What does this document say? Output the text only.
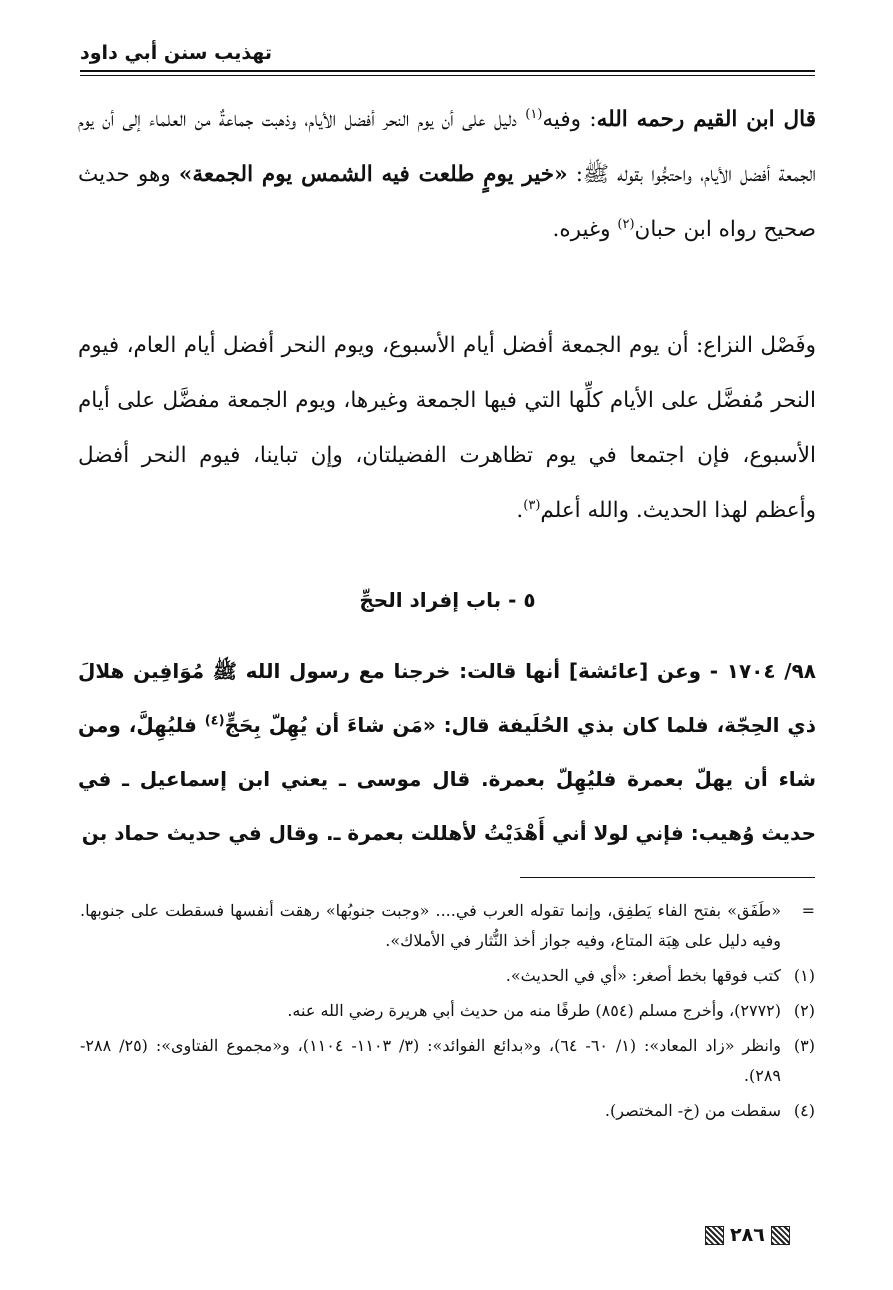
تهذيب سنن أبي داود
قال ابن القيم رحمه الله: وفيه$^{(١)}$ دليل على أن يوم النحر أفضل الأيام، وذهبت جماعةٌ من العلماء إلى أن يوم الجمعة أفضل الأيام، واحتجُّوا بقوله ﷺ: «خير يومٍ طلعت فيه الشمس يوم الجمعة» وهو حديث صحيح رواه ابن حبان$^{(٢)}$ وغيره.
وفَصْل النزاع: أن يوم الجمعة أفضل أيام الأسبوع، ويوم النحر أفضل أيام العام، فيوم النحر مُفضَّل على الأيام كلِّها التي فيها الجمعة وغيرها، ويوم الجمعة مفضَّل على أيام الأسبوع، فإن اجتمعا في يوم تظاهرت الفضيلتان، وإن تباينا، فيوم النحر أفضل وأعظم لهذا الحديث. والله أعلم$^{(٣)}$.
٥ - باب إفراد الحجِّ
٩٨/ ١٧٠٤ - وعن [عائشة] أنها قالت: خرجنا مع رسول الله ﷺ مُوَافِين هلالَ ذي الحِجّة، فلما كان بذي الحُلَيفة قال: «مَن شاءَ أن يُهِلّ بِحَجٍّ$^{(٤)}$ فليُهِلَّ، ومن شاء أن يهلّ بعمرة فليُهِلّ بعمرة. قال موسى ـ يعني ابن إسماعيل ـ في حديث وُهيب: فإني لولا أني أَهْدَيْتُ لأهللت بعمرة ـ. وقال في حديث حماد بن
=
«طَفَق» بفتح الفاء يَطفِق، وإنما تقوله العرب في.... «وجبت جنوبُها» رهقت أنفسها فسقطت على جنوبها. وفيه دليل على هِبَة المتاع، وفيه جواز أخذ النُّثار في الأملاك».
(١)
كتب فوقها بخط أصغر: «أي في الحديث».
(٢)
(٢٧٧٢)، وأخرج مسلم (٨٥٤) طرفًا منه من حديث أبي هريرة رضي الله عنه.
(٣)
وانظر «زاد المعاد»: (١/ ٦٠- ٦٤)، و«بدائع الفوائد»: (٣/ ١١٠٣- ١١٠٤)، و«مجموع الفتاوى»: (٢٥/ ٢٨٨- ٢٨٩).
(٤)
سقطت من (خ- المختصر).
٢٨٦
